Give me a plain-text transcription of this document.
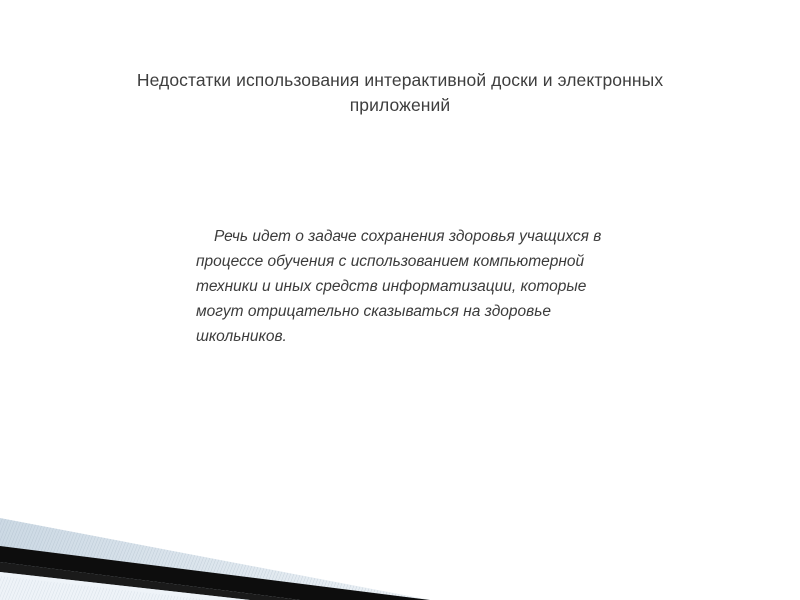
Недостатки использования интерактивной доски и электронных приложений

Речь идет о задаче сохранения здоровья учащихся в процессе обучения с использованием компьютерной техники и иных средств информатизации, которые могут отрицательно сказываться на здоровье школьников.
